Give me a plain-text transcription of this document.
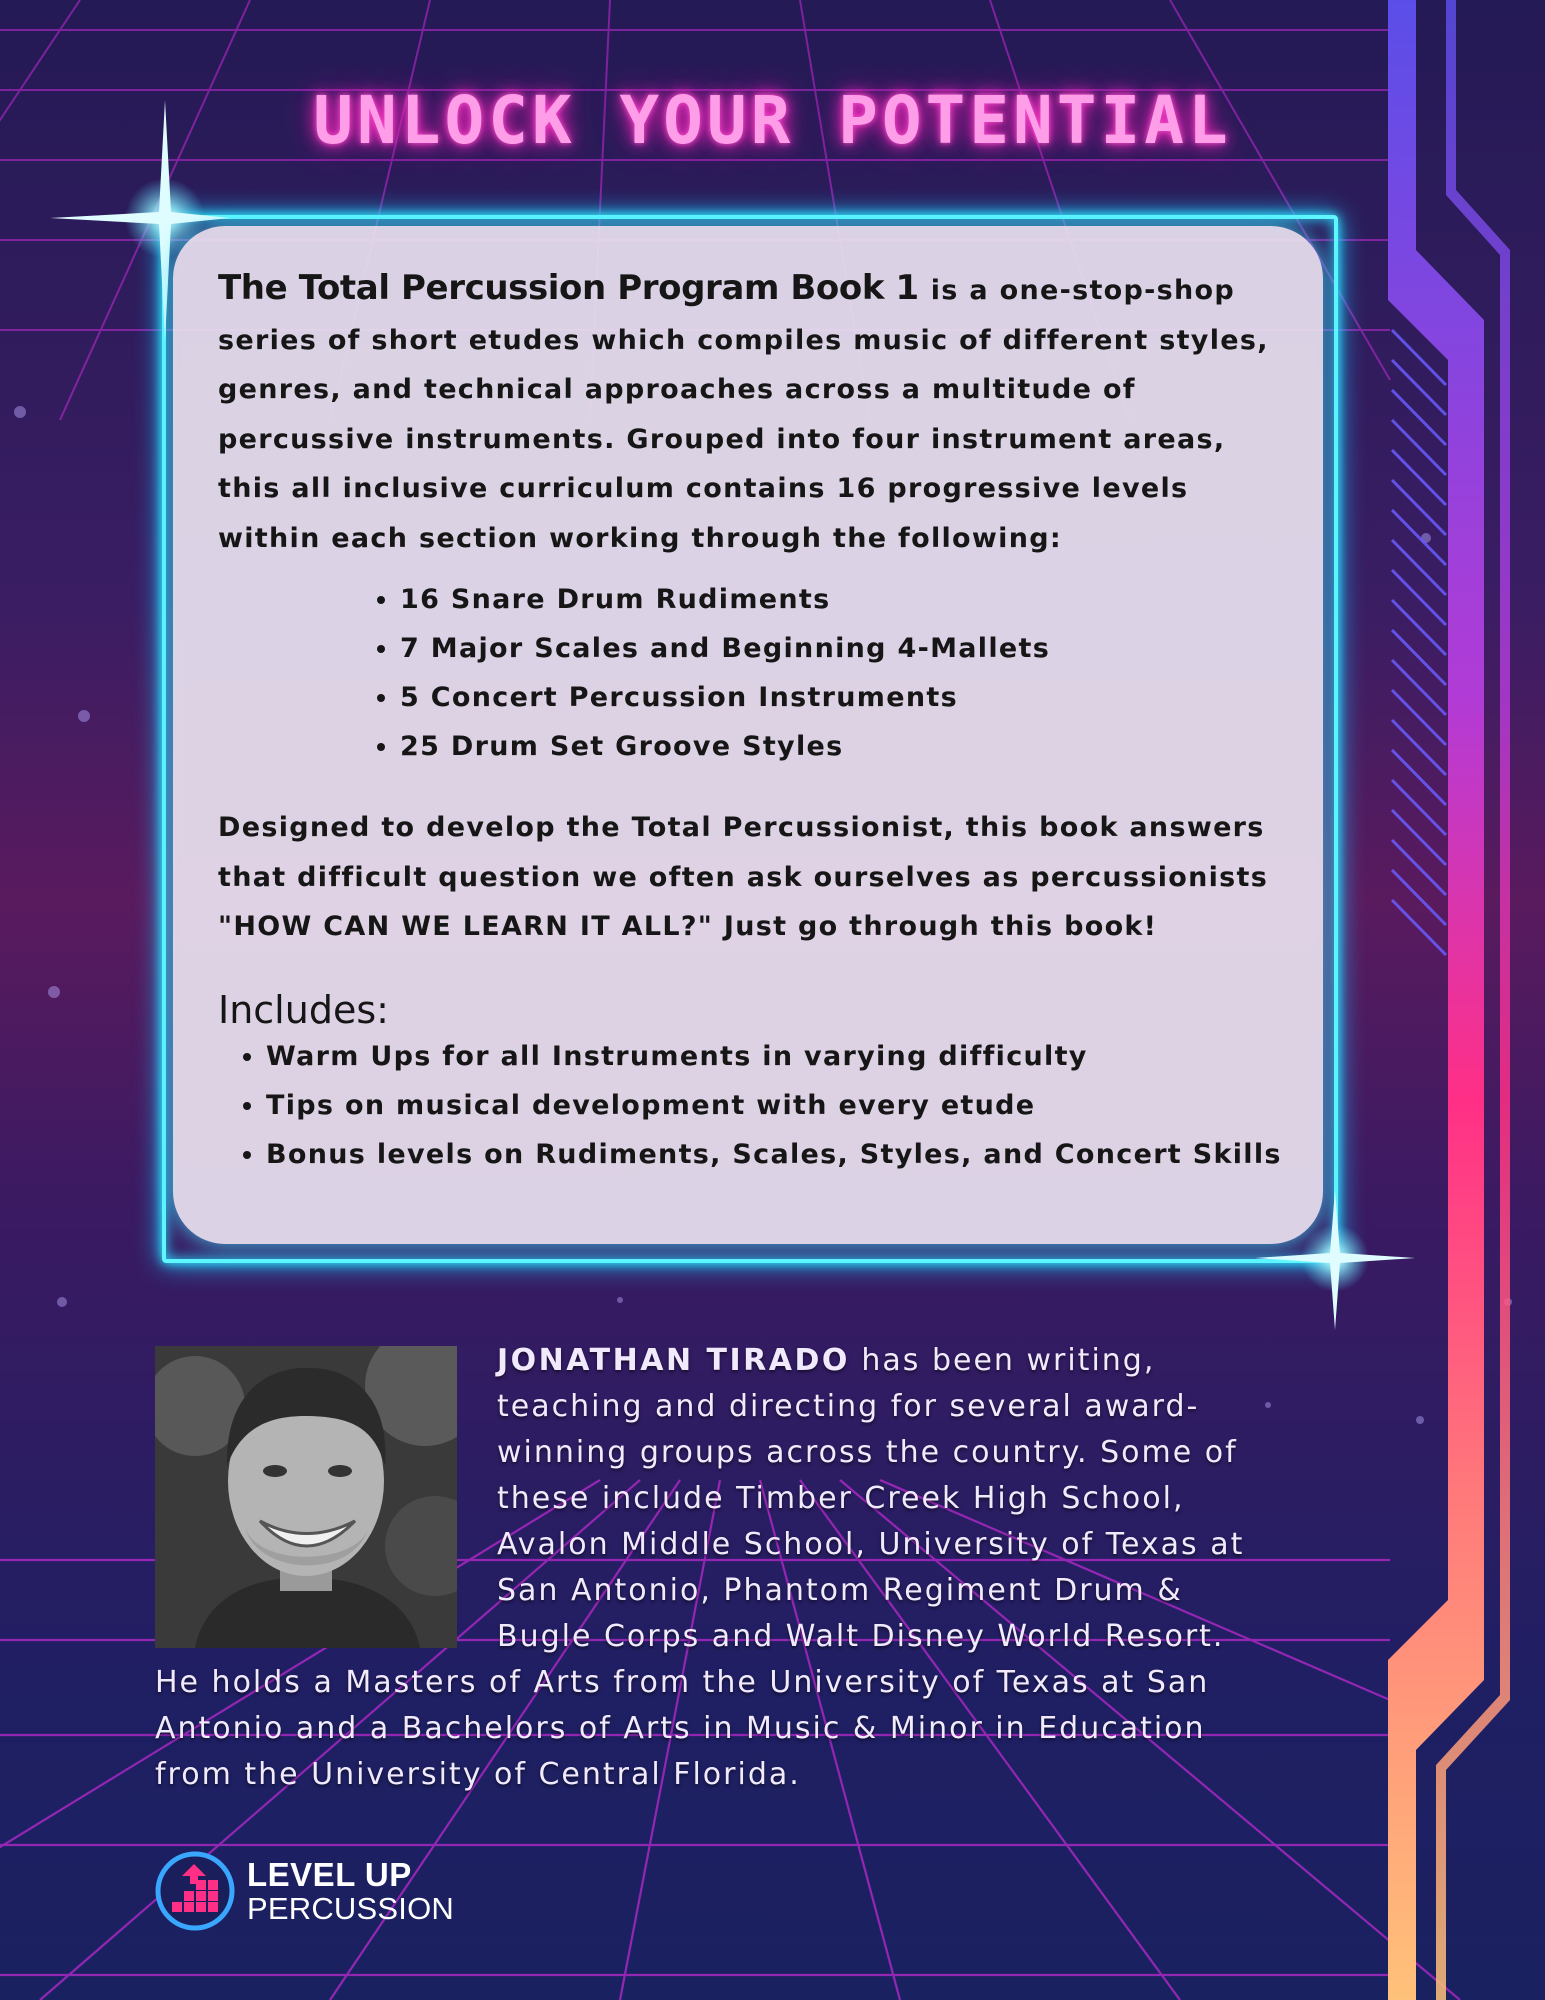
UNLOCK YOUR POTENTIAL

The Total Percussion Program Book 1 is a one-stop-shop series of short etudes which compiles music of different styles, genres, and technical approaches across a multitude of percussive instruments. Grouped into four instrument areas, this all inclusive curriculum contains 16 progressive levels within each section working through the following:

• 16 Snare Drum Rudiments
• 7 Major Scales and Beginning 4-Mallets
• 5 Concert Percussion Instruments
• 25 Drum Set Groove Styles

Designed to develop the Total Percussionist, this book answers that difficult question we often ask ourselves as percussionists "HOW CAN WE LEARN IT ALL?" Just go through this book!

Includes:
• Warm Ups for all Instruments in varying difficulty
• Tips on musical development with every etude
• Bonus levels on Rudiments, Scales, Styles, and Concert Skills
JONATHAN TIRADO has been writing, teaching and directing for several award-winning groups across the country. Some of these include Timber Creek High School, Avalon Middle School, University of Texas at San Antonio, Phantom Regiment Drum & Bugle Corps and Walt Disney World Resort. He holds a Masters of Arts from the University of Texas at San Antonio and a Bachelors of Arts in Music & Minor in Education from the University of Central Florida.
LEVEL UP
PERCUSSION
